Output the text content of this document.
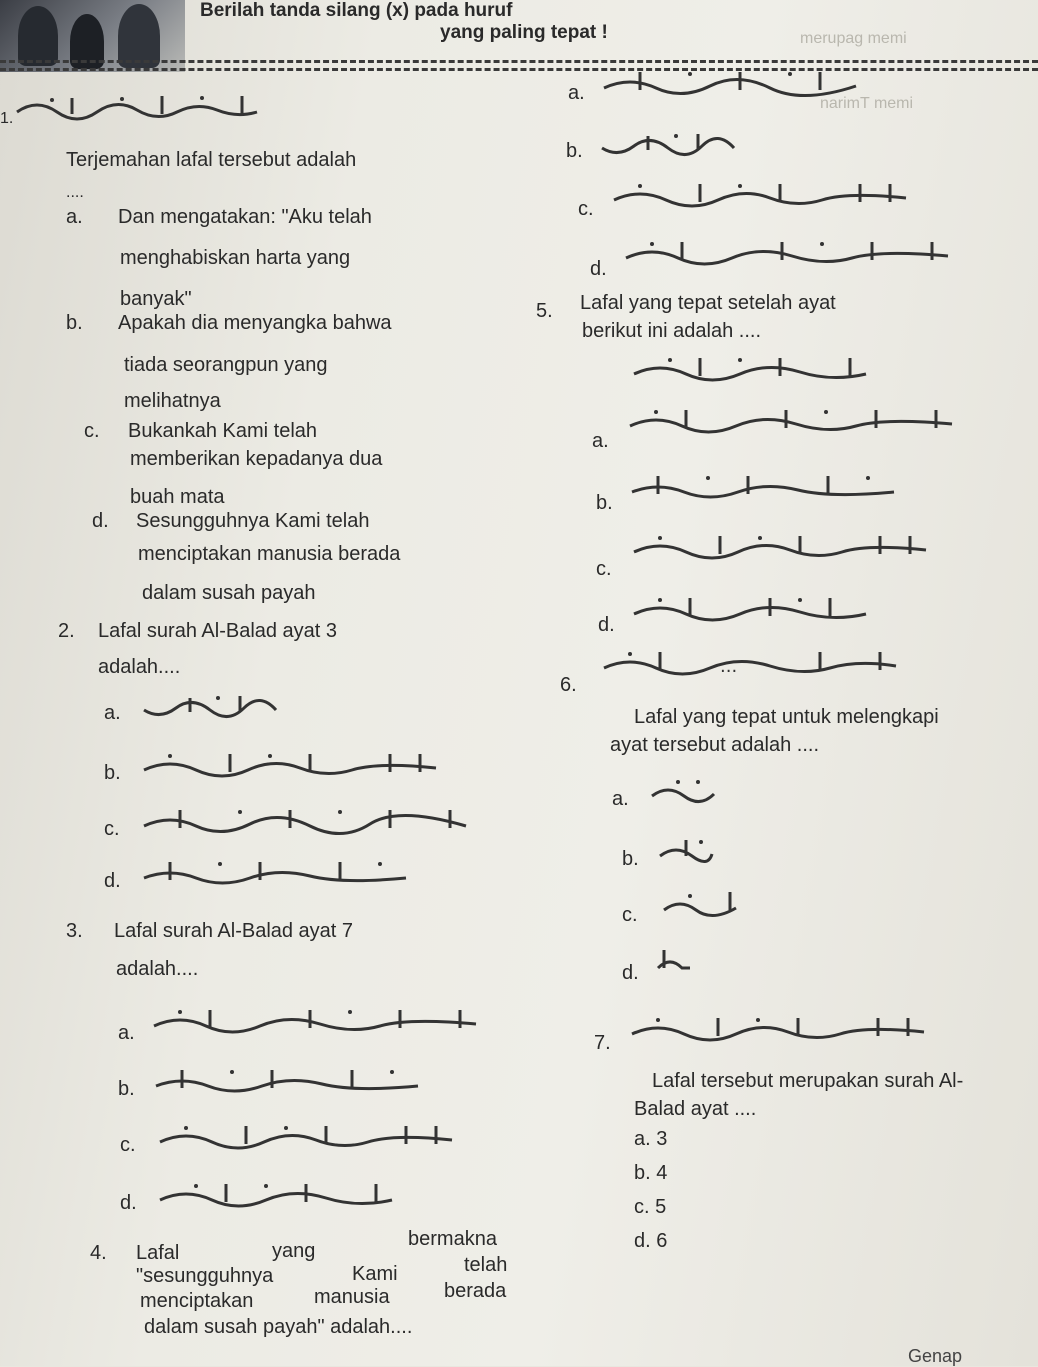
Berilah tanda silang (x) pada huruf
yang paling tepat !	merupag memi
narimT memi
1.
Terjemahan lafal tersebut adalah
....
a. Dan mengatakan: "Aku telah
menghabiskan harta yang
banyak"
b. Apakah dia menyangka bahwa
tiada seorangpun yang
melihatnya
c. Bukankah Kami telah
memberikan kepadanya dua
buah mata
d. Sesungguhnya Kami telah
menciptakan manusia berada
dalam susah payah
2. Lafal surah Al-Balad ayat 3
adalah....
a.
b.
c.
d.
3. Lafal surah Al-Balad ayat 7
adalah....
a.
b.
c.
d.
4. Lafal	yang
bermakna
"sesungguhnya	Kami	telah
menciptakan	manusia	berada
dalam susah payah" adalah....
a.
b.
c.
d.
5. Lafal yang tepat setelah ayat
berikut ini adalah ....
a.
b.
c.
d.
6.
...
Lafal yang tepat untuk melengkapi
ayat tersebut adalah ....
a.
b.
c.
d.
7.
Lafal tersebut merupakan surah Al-
Balad ayat ....
a. 3
b. 4
c. 5
d. 6
Genap
